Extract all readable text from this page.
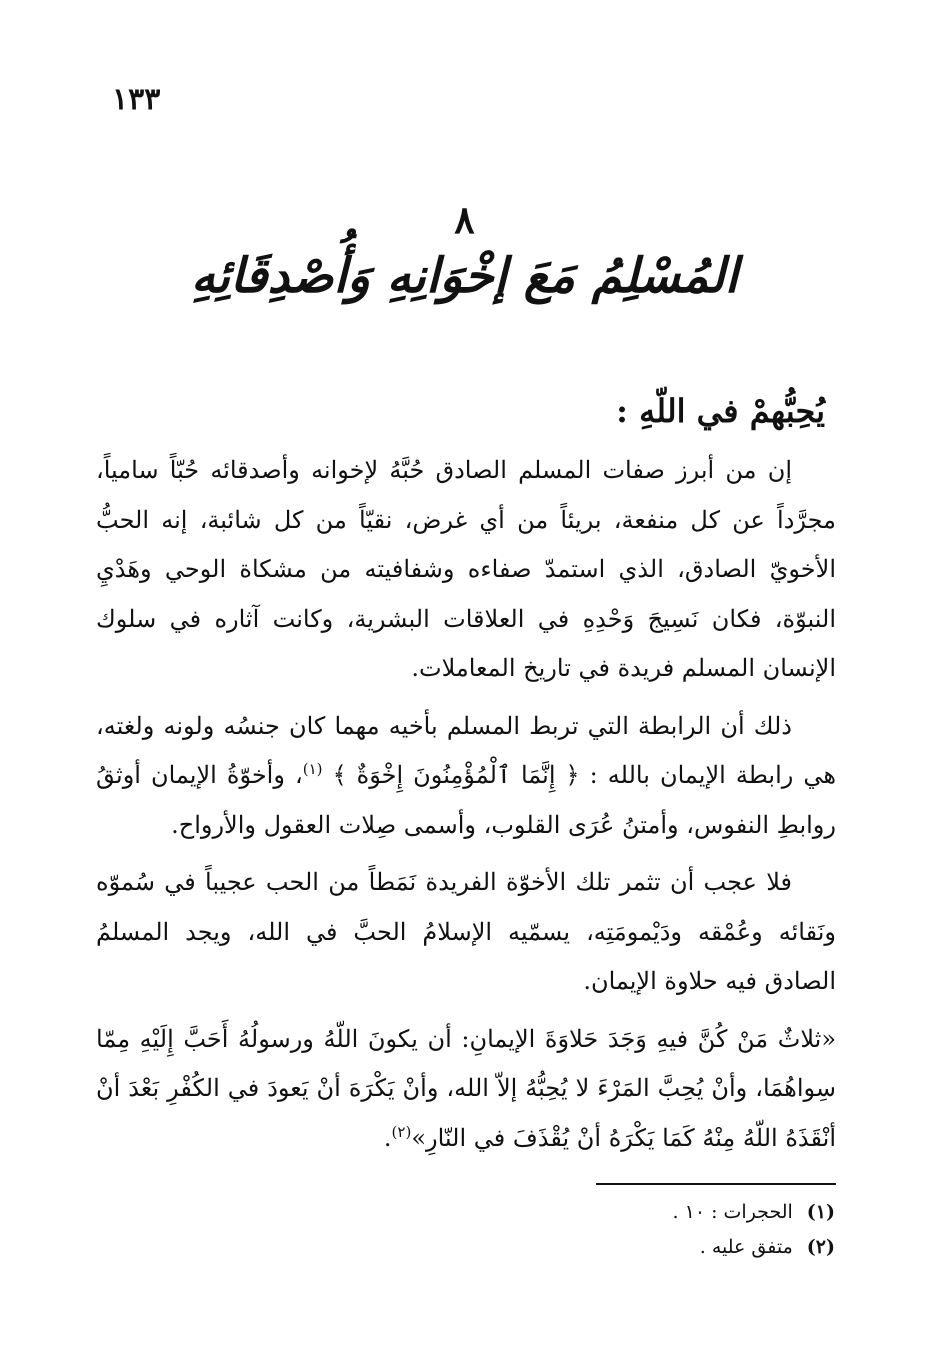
١٣٣
٨
المُسْلِمُ مَعَ إخْوَانِهِ وَأُصْدِقَائِهِ
يُحِبُّهمْ في اللّهِ :

إن من أبرز صفات المسلم الصادق حُبَّهُ لإخوانه وأصدقائه حُبّاً سامياً، مجرَّداً عن كل منفعة، بريئاً من أي غرض، نقيّاً من كل شائبة، إنه الحبُّ الأخويّ الصادق، الذي استمدّ صفاءه وشفافيته من مشكاة الوحي وهَدْيِ النبوّة، فكان نَسِيجَ وَحْدِهِ في العلاقات البشرية، وكانت آثاره في سلوك الإنسان المسلم فريدة في تاريخ المعاملات.

ذلك أن الرابطة التي تربط المسلم بأخيه مهما كان جنسُه ولونه ولغته، هي رابطة الإيمان بالله : ﴿ إِنَّمَا ٱلْمُؤْمِنُونَ إِخْوَةٌ ﴾ $^{(١)}$، وأخوّةُ الإيمان أوثقُ روابطِ النفوس، وأمتنُ عُرَى القلوب، وأسمى صِلات العقول والأرواح.

فلا عجب أن تثمر تلك الأخوّة الفريدة نَمَطاً من الحب عجيباً في سُموّه ونَقائه وعُمْقه ودَيْمومَتِه، يسمّيه الإسلامُ الحبَّ في الله، ويجد المسلمُ الصادق فيه حلاوة الإيمان.

«ثلاثٌ مَنْ كُنَّ فيهِ وَجَدَ حَلاوَةَ الإيمانِ: أن يكونَ اللّهُ ورسولُهُ أَحَبَّ إِلَيْهِ مِمّا سِواهُمَا، وأنْ يُحِبَّ المَرْءَ لا يُحِبُّهُ إلاّ الله، وأنْ يَكْرَهَ أنْ يَعودَ في الكُفْرِ بَعْدَ أنْ أنْقَذَهُ اللّهُ مِنْهُ كَمَا يَكْرَهُ أنْ يُقْذَفَ في النّارِ»$^{(٢)}$.

(١)الحجرات : ١٠ .
(٢)متفق عليه .
